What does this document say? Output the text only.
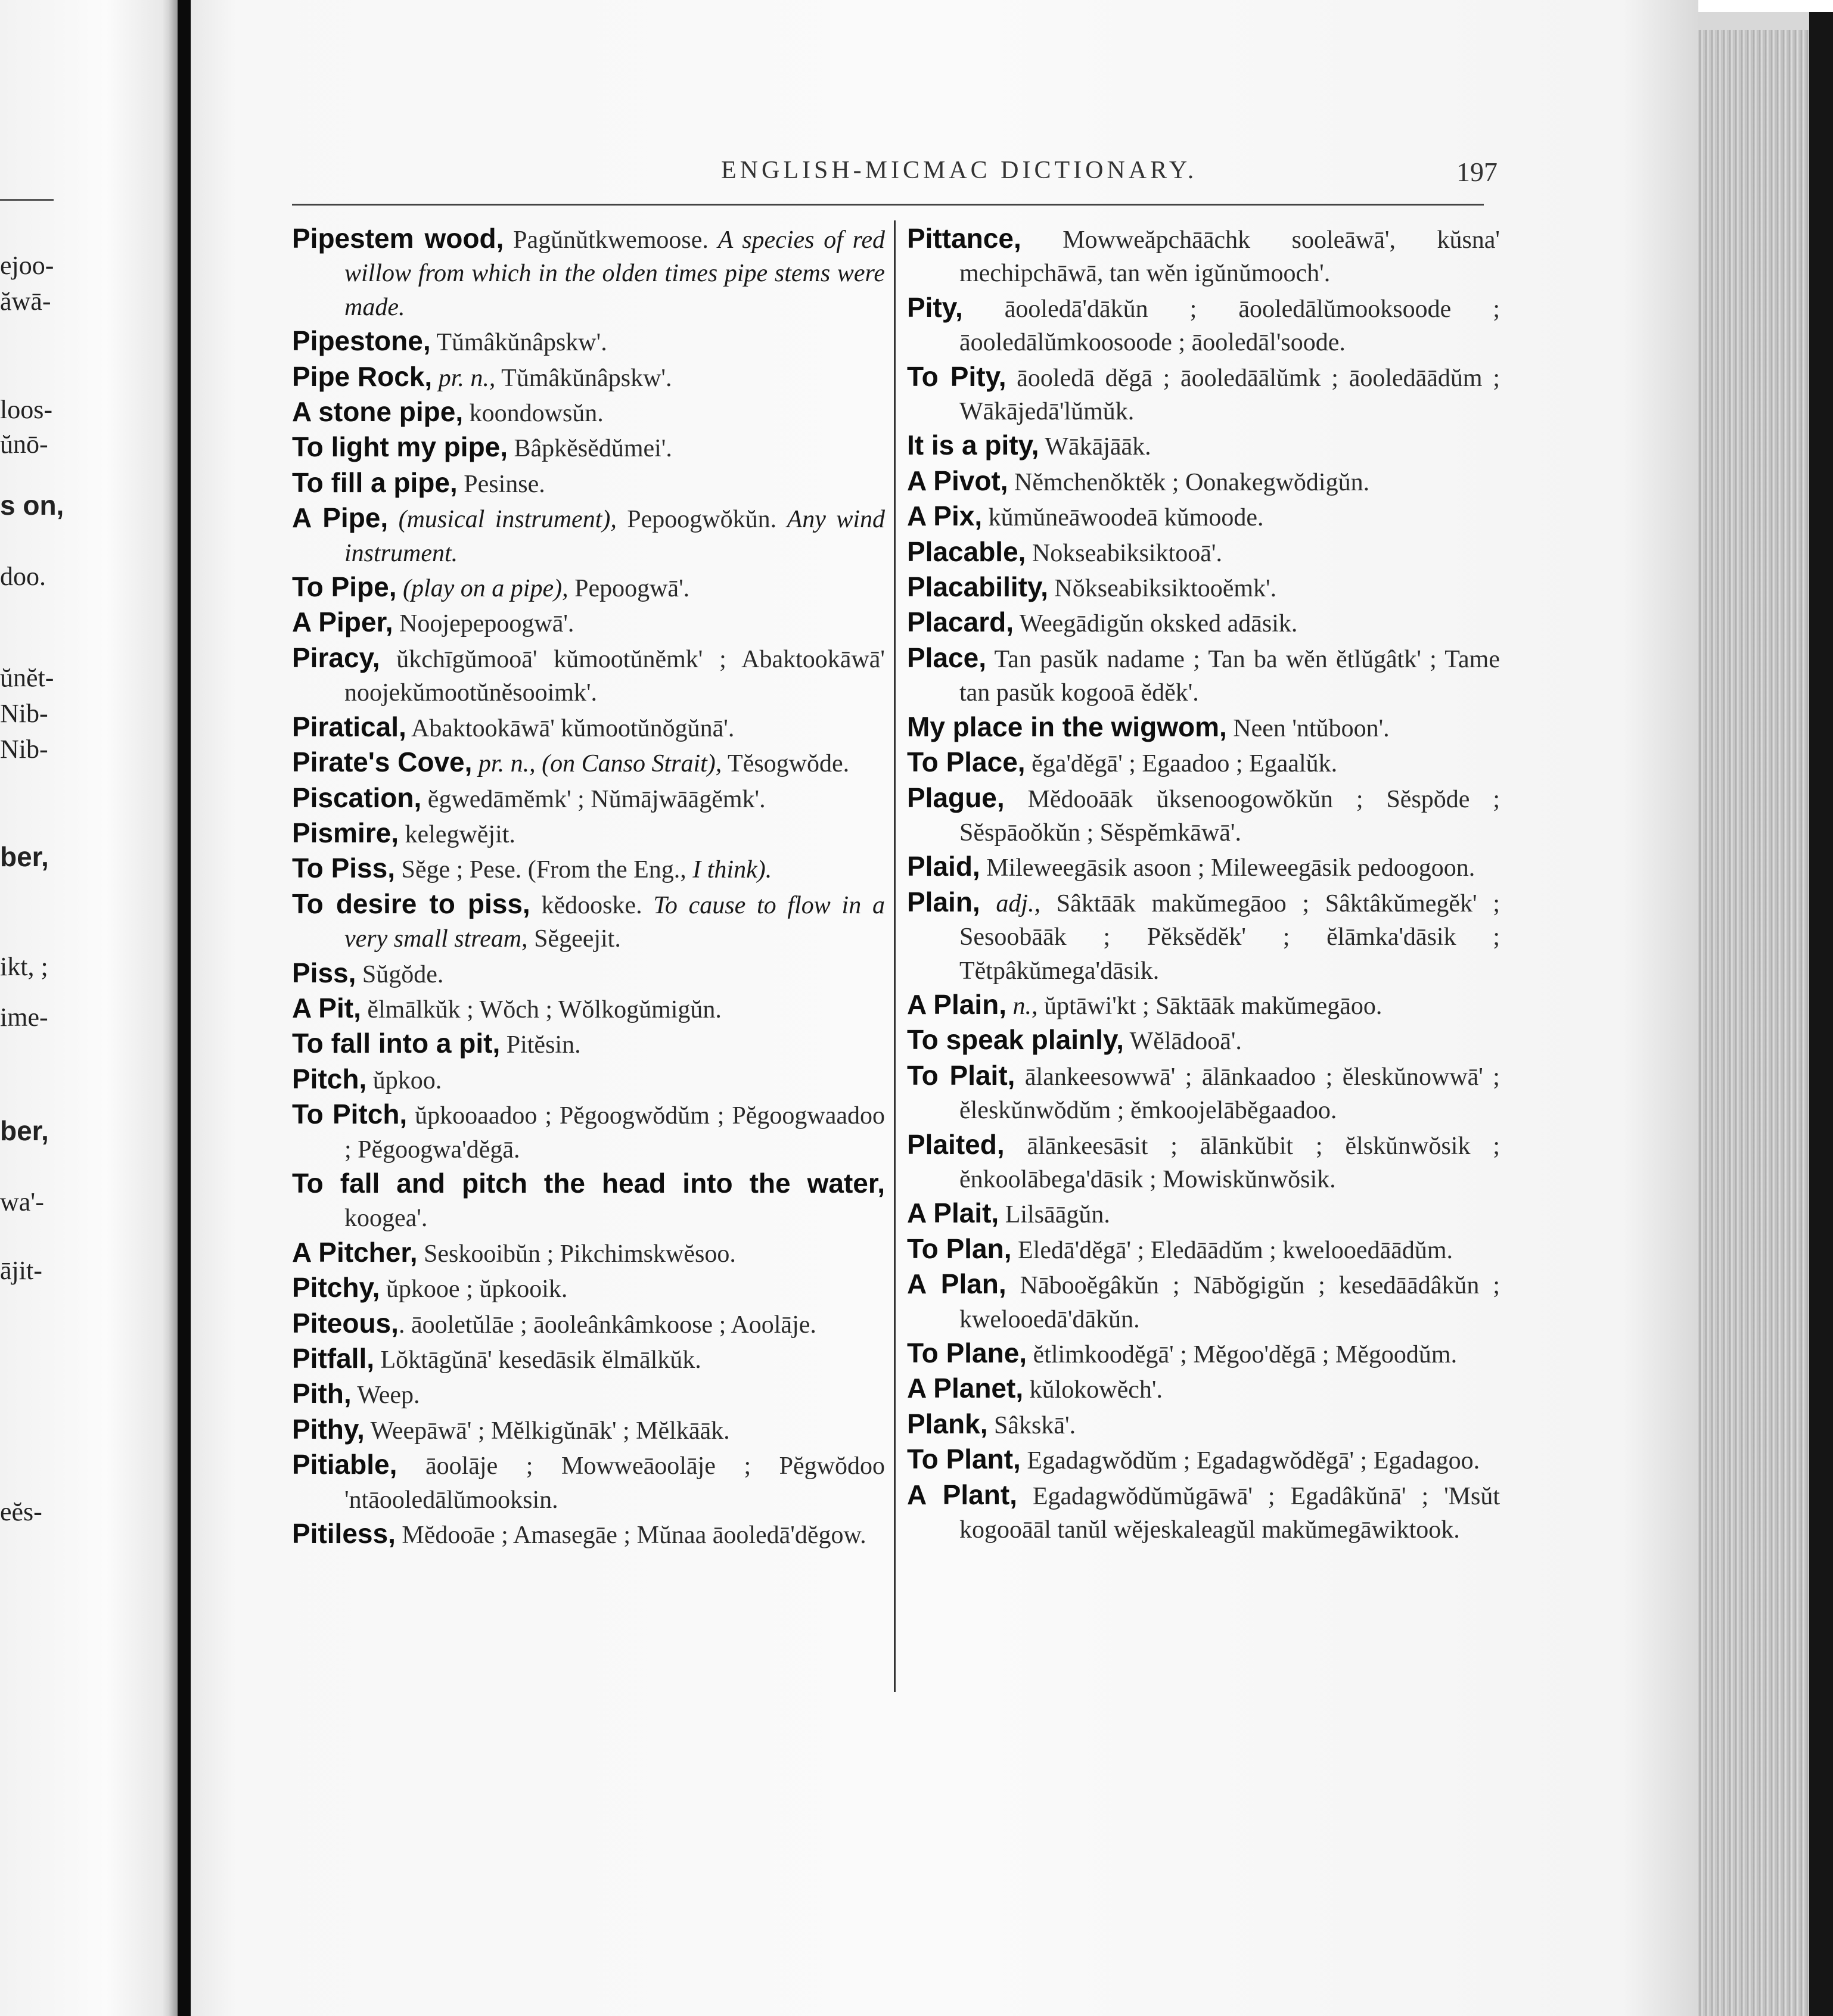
ejoo-
ăwā-
loos-
ŭnō-
s on,
doo.
ŭnĕt-
Nib-
Nib-
ber,
ikt, ;
ime-
ber,
wa'-
ājit-
eĕs-
ENGLISH-MICMAC DICTIONARY.	197
Pipestem wood, Pagŭnŭtkwemoose. A species of red willow from which in the olden times pipe stems were made.
Pipestone, Tŭmâkŭnâpskw'.
Pipe Rock, pr. n., Tŭmâkŭnâpskw'.
A stone pipe, koondowsŭn.
To light my pipe, Bâpkĕsĕdŭmei'.
To fill a pipe, Pesinse.
A Pipe, (musical instrument), Pepoogwŏkŭn. Any wind instrument.
To Pipe, (play on a pipe), Pepoogwā'.
A Piper, Noojepepoogwā'.
Piracy, ŭkchīgŭmooā' kŭmootŭnĕmk' ; Abaktookāwā' noojekŭmootŭnĕsooimk'.
Piratical, Abaktookāwā' kŭmootŭnŏgŭnā'.
Pirate's Cove, pr. n., (on Canso Strait), Tĕsogwŏde.
Piscation, ĕgwedāmĕmk' ; Nŭmājwāāgĕmk'.
Pismire, kelegwĕjit.
To Piss, Sĕge ; Pese. (From the Eng., I think).
To desire to piss, kĕdooske. To cause to flow in a very small stream, Sĕgeejit.
Piss, Sŭgŏde.
A Pit, ĕlmālkŭk ; Wŏch ; Wŏlkogŭmigŭn.
To fall into a pit, Pitĕsin.
Pitch, ŭpkoo.
To Pitch, ŭpkooaadoo ; Pĕgoogwŏdŭm ; Pĕgoogwaadoo ; Pĕgoogwa'dĕgā.
To fall and pitch the head into the water, koogea'.
A Pitcher, Seskooibŭn ; Pikchimskwĕsoo.
Pitchy, ŭpkooe ; ŭpkooik.
Piteous,. āooletŭlāe ; āooleânkâmkoose ; Aoolāje.
Pitfall, Lŏktāgŭnā' kesedāsik ĕlmālkŭk.
Pith, Weep.
Pithy, Weepāwā' ; Mĕlkigŭnāk' ; Mĕlkāāk.
Pitiable, āoolāje ; Mowweāoolāje ; Pĕgwŏdoo 'ntāooledālŭmooksin.
Pitiless, Mĕdooāe ; Amasegāe ; Mŭnaa āooledā'dĕgow.
Pittance, Mowweăpchāāchk sooleāwā', kŭsna' mechipchāwā, tan wĕn igŭnŭmooch'.
Pity, āooledā'dākŭn ; āooledālŭmooksoode ; āooledālŭmkoosoode ; āooledāl'soode.
To Pity, āooledā dĕgā ; āooledāālŭmk ; āooledāādŭm ; Wākājedā'lŭmŭk.
It is a pity, Wākājāāk.
A Pivot, Nĕmchenŏktĕk ; Oonakegwŏdigŭn.
A Pix, kŭmŭneāwoodeā kŭmoode.
Placable, Nokseabiksiktooā'.
Placability, Nŏkseabiksiktooĕmk'.
Placard, Weegādigŭn oksked adāsik.
Place, Tan pasŭk nadame ; Tan ba wĕn ĕtlŭgâtk' ; Tame tan pasŭk kogooā ĕdĕk'.
My place in the wigwom, Neen 'ntŭboon'.
To Place, ĕga'dĕgā' ; Egaadoo ; Egaalŭk.
Plague, Mĕdooāāk ŭksenoogowŏkŭn ; Sĕspŏde ; Sĕspāoŏkŭn ; Sĕspĕmkāwā'.
Plaid, Mileweegāsik asoon ; Mileweegāsik pedoogoon.
Plain, adj., Sâktāāk makŭmegāoo ; Sâktâkŭmegĕk' ; Sesoobāāk ; Pĕksĕdĕk' ; ĕlāmka'dāsik ; Tĕtpâkŭmega'dāsik.
A Plain, n., ŭptāwi'kt ; Sāktāāk makŭmegāoo.
To speak plainly, Wĕlādooā'.
To Plait, ālankeesowwā' ; ālānkaadoo ; ĕleskŭnowwā' ; ĕleskŭnwŏdŭm ; ĕmkoojelābĕgaadoo.
Plaited, ālānkeesāsit ; ālānkŭbit ; ĕlskŭnwŏsik ; ĕnkoolābega'dāsik ; Mowiskŭnwŏsik.
A Plait, Lilsāāgŭn.
To Plan, Eledā'dĕgā' ; Eledāādŭm ; kwelooedāādŭm.
A Plan, Nābooĕgâkŭn ; Nābŏgigŭn ; kesedāādâkŭn ; kwelooedā'dākŭn.
To Plane, ĕtlimkoodĕgā' ; Mĕgoo'dĕgā ; Mĕgoodŭm.
A Planet, kŭlokowĕch'.
Plank, Sâkskā'.
To Plant, Egadagwŏdŭm ; Egadagwŏdĕgā' ; Egadagoo.
A Plant, Egadagwŏdŭmŭgāwā' ; Egadâkŭnā' ; 'Msŭt kogooāāl tanŭl wĕjeskaleagŭl makŭmegāwiktook.
